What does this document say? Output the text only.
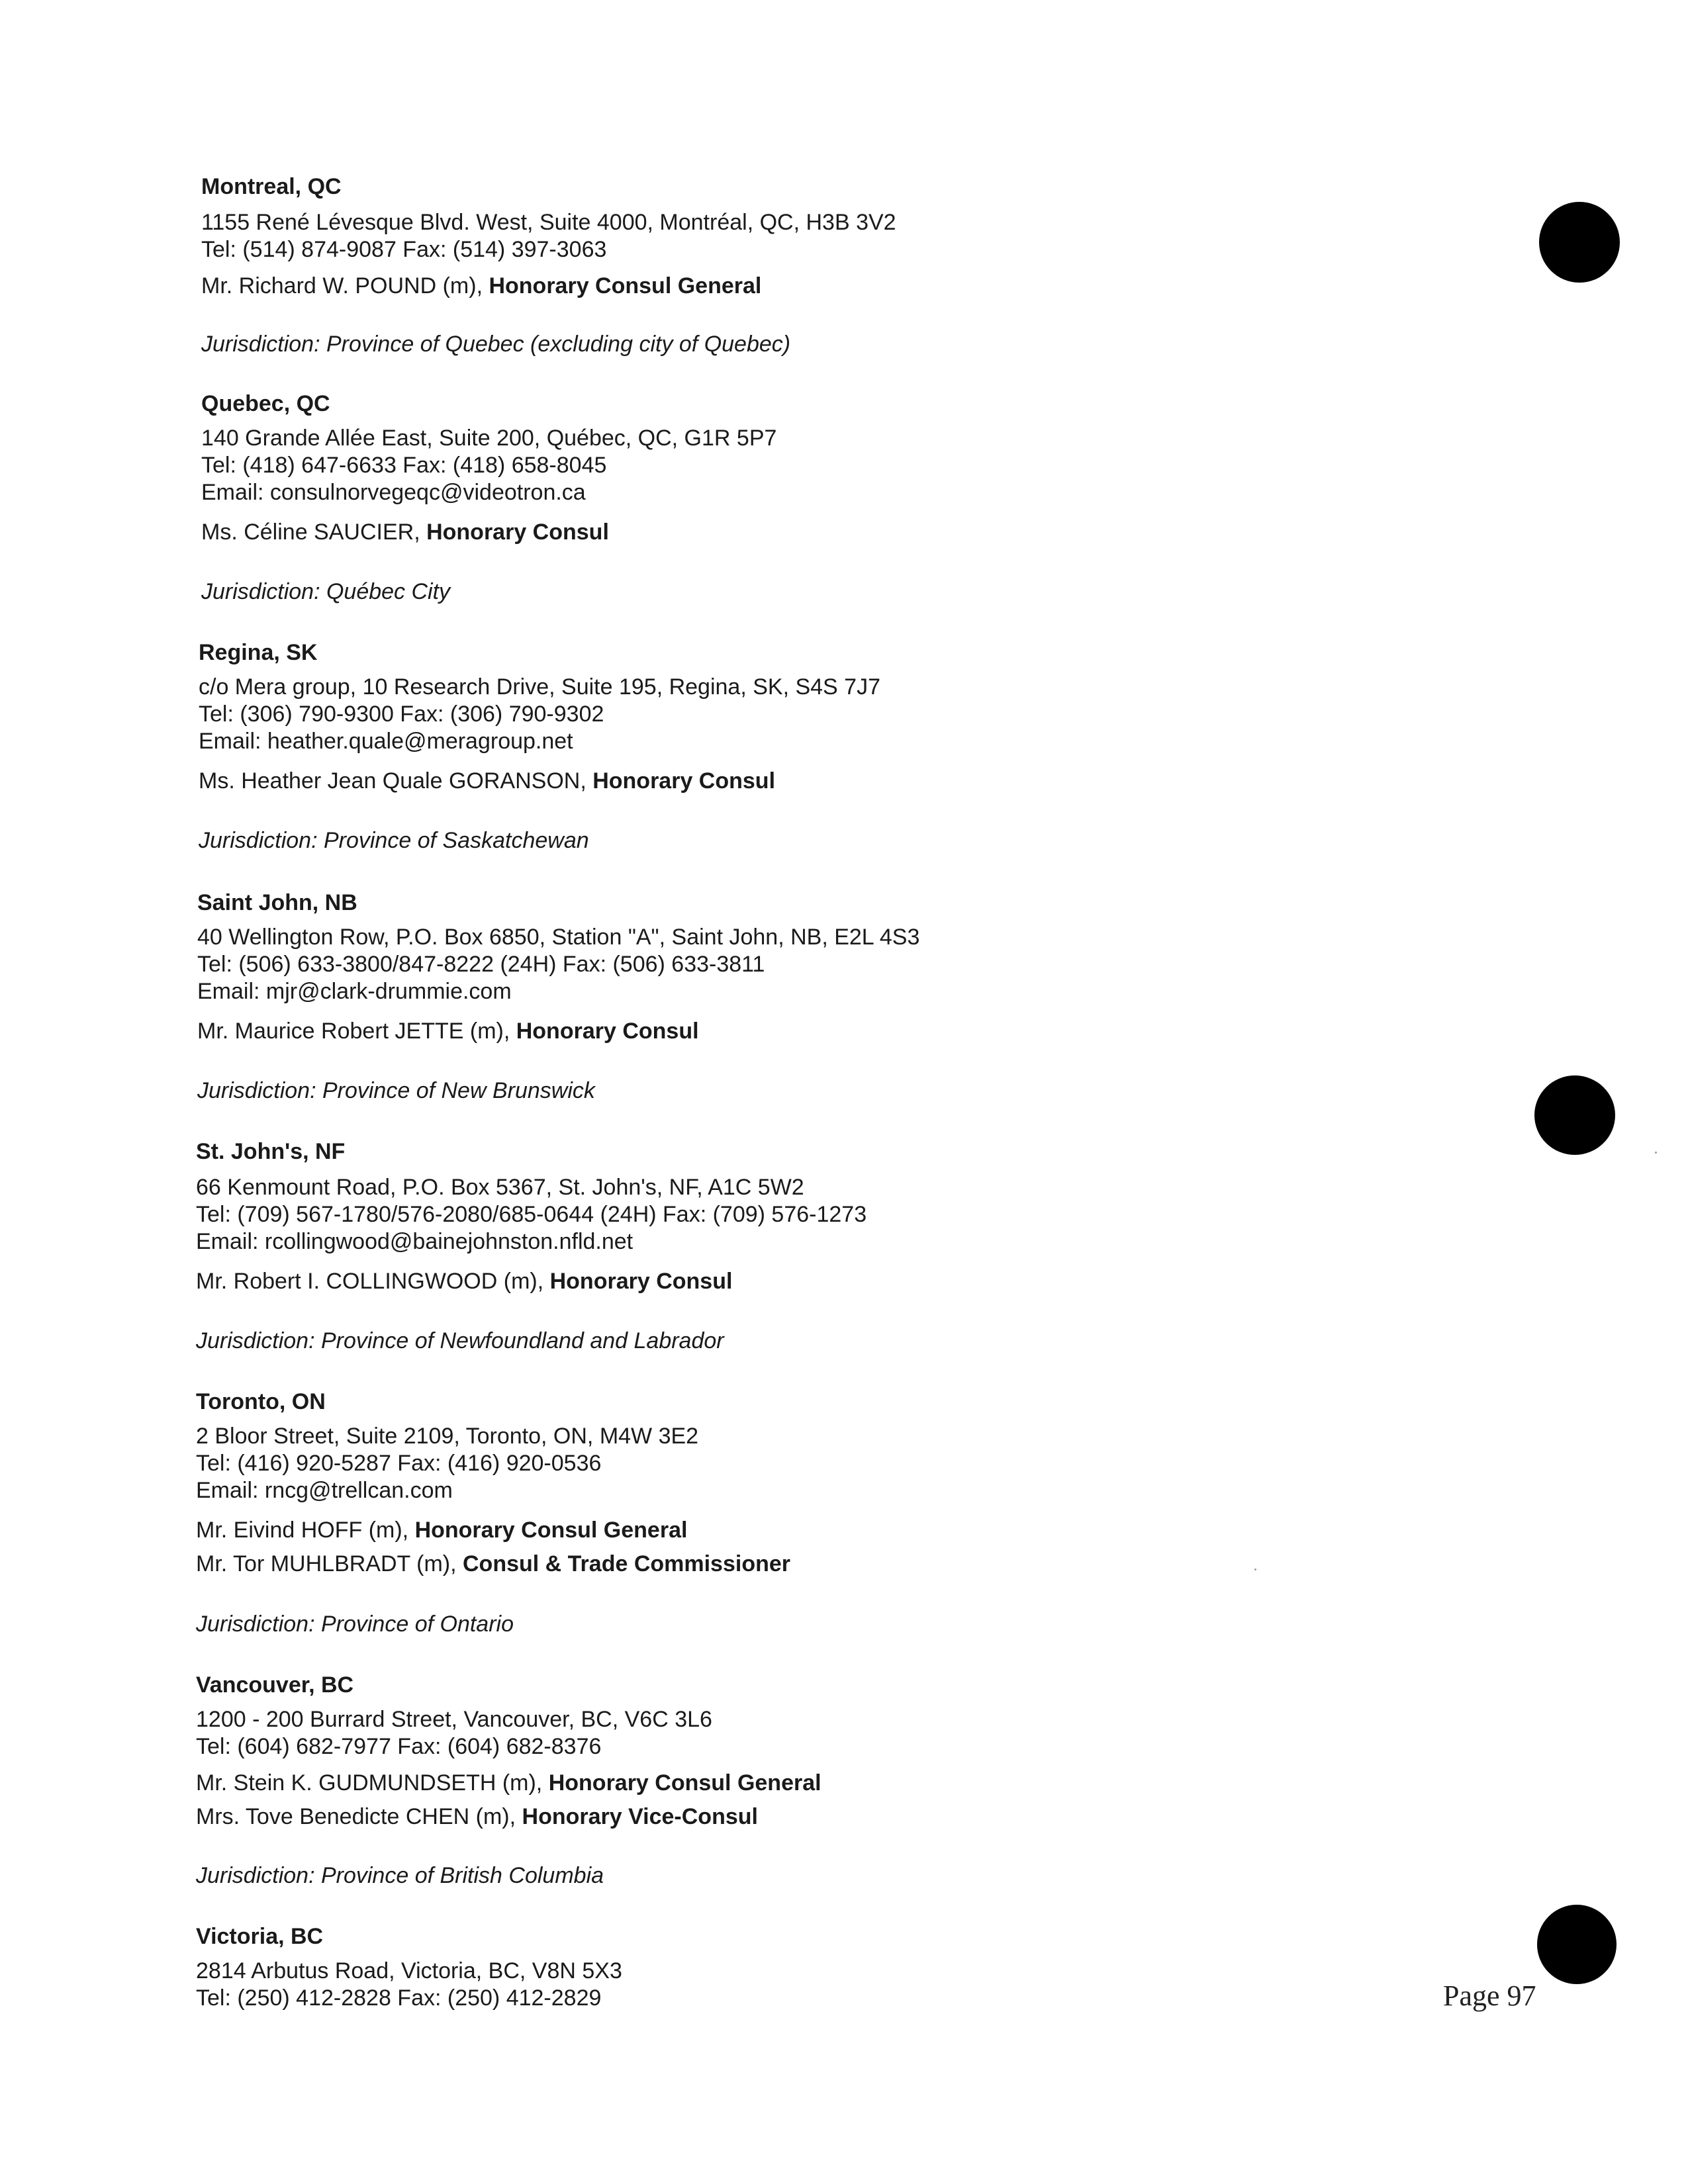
Montreal, QC
1155 René Lévesque Blvd. West, Suite 4000, Montréal, QC, H3B 3V2
Tel: (514) 874-9087 Fax: (514) 397-3063
Mr. Richard W. POUND (m), Honorary Consul General
Jurisdiction: Province of Quebec (excluding city of Quebec)
Quebec, QC
140 Grande Allée East, Suite 200, Québec, QC, G1R 5P7
Tel: (418) 647-6633 Fax: (418) 658-8045
Email: consulnorvegeqc@videotron.ca
Ms. Céline SAUCIER, Honorary Consul
Jurisdiction: Québec City
Regina, SK
c/o Mera group, 10 Research Drive, Suite 195, Regina, SK, S4S 7J7
Tel: (306) 790-9300 Fax: (306) 790-9302
Email: heather.quale@meragroup.net
Ms. Heather Jean Quale GORANSON, Honorary Consul
Jurisdiction: Province of Saskatchewan
Saint John, NB
40 Wellington Row, P.O. Box 6850, Station "A", Saint John, NB, E2L 4S3
Tel: (506) 633-3800/847-8222 (24H) Fax: (506) 633-3811
Email: mjr@clark-drummie.com
Mr. Maurice Robert JETTE (m), Honorary Consul
Jurisdiction: Province of New Brunswick
St. John's, NF
66 Kenmount Road, P.O. Box 5367, St. John's, NF, A1C 5W2
Tel: (709) 567-1780/576-2080/685-0644 (24H) Fax: (709) 576-1273
Email: rcollingwood@bainejohnston.nfld.net
Mr. Robert I. COLLINGWOOD (m), Honorary Consul
Jurisdiction: Province of Newfoundland and Labrador
Toronto, ON
2 Bloor Street, Suite 2109, Toronto, ON, M4W 3E2
Tel: (416) 920-5287 Fax: (416) 920-0536
Email: rncg@trellcan.com
Mr. Eivind HOFF (m), Honorary Consul General
Mr. Tor MUHLBRADT (m), Consul & Trade Commissioner
Jurisdiction: Province of Ontario
Vancouver, BC
1200 - 200 Burrard Street, Vancouver, BC, V6C 3L6
Tel: (604) 682-7977 Fax: (604) 682-8376
Mr. Stein K. GUDMUNDSETH (m), Honorary Consul General
Mrs. Tove Benedicte CHEN (m), Honorary Vice-Consul
Jurisdiction: Province of British Columbia
Victoria, BC
2814 Arbutus Road, Victoria, BC, V8N 5X3
Tel: (250) 412-2828 Fax: (250) 412-2829	Page 97
